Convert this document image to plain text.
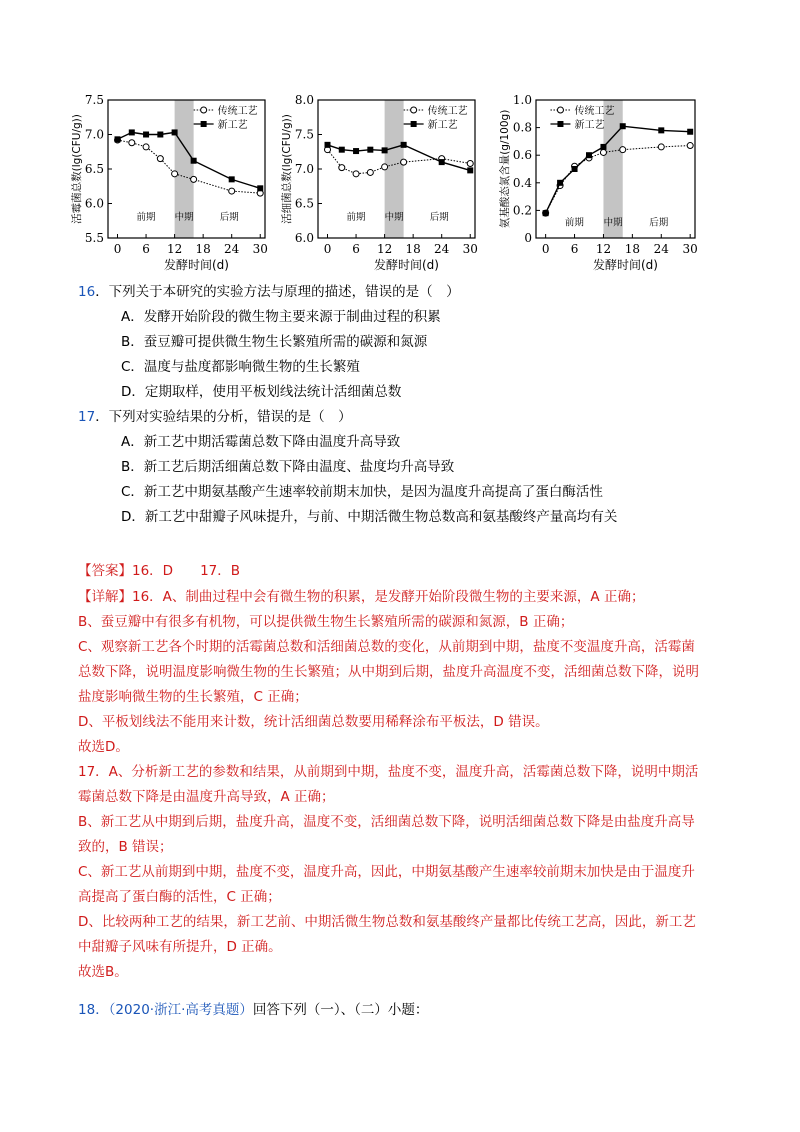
5.5
6.0
6.5
7.0
7.5
0 6 12 18 24 30
发酵时间(d)
活霉菌总数(lg(CFU/g))	前期 中期	后期
传统工艺
新工艺
6.0
6.5
7.0
7.5
8.0
0 6 12 18 24 30
发酵时间(d)
活细菌总数(lg(CFU/g))	前期 中期	后期
传统工艺
新工艺
0
0.2
0.4
0.6
0.8
1.0
0 6 12 18 24 30
发酵时间(d)
氨基酸态氮含量(g/100g)	前期 中期	后期
传统工艺
新工艺
16．下列关于本研究的实验方法与原理的描述，错误的是（　）
A．发酵开始阶段的微生物主要来源于制曲过程的积累
B．蚕豆瓣可提供微生物生长繁殖所需的碳源和氮源
C．温度与盐度都影响微生物的生长繁殖
D．定期取样，使用平板划线法统计活细菌总数
17．下列对实验结果的分析，错误的是（　）
A．新工艺中期活霉菌总数下降由温度升高导致
B．新工艺后期活细菌总数下降由温度、盐度均升高导致
C．新工艺中期氨基酸产生速率较前期末加快，是因为温度升高提高了蛋白酶活性
D．新工艺中甜瓣子风味提升，与前、中期活微生物总数高和氨基酸终产量高均有关
【答案】16．D　　17．B
【详解】16．A、制曲过程中会有微生物的积累，是发酵开始阶段微生物的主要来源，A 正确；
B、蚕豆瓣中有很多有机物，可以提供微生物生长繁殖所需的碳源和氮源，B 正确；
C、观察新工艺各个时期的活霉菌总数和活细菌总数的变化，从前期到中期，盐度不变温度升高，活霉菌
总数下降，说明温度影响微生物的生长繁殖；从中期到后期，盐度升高温度不变，活细菌总数下降，说明
盐度影响微生物的生长繁殖，C 正确；
D、平板划线法不能用来计数，统计活细菌总数要用稀释涂布平板法，D 错误。
故选D。
17．A、分析新工艺的参数和结果，从前期到中期，盐度不变，温度升高，活霉菌总数下降，说明中期活
霉菌总数下降是由温度升高导致，A 正确；
B、新工艺从中期到后期，盐度升高，温度不变，活细菌总数下降，说明活细菌总数下降是由盐度升高导
致的，B 错误；
C、新工艺从前期到中期，盐度不变，温度升高，因此，中期氨基酸产生速率较前期末加快是由于温度升
高提高了蛋白酶的活性，C 正确；
D、比较两种工艺的结果，新工艺前、中期活微生物总数和氨基酸终产量都比传统工艺高，因此，新工艺
中甜瓣子风味有所提升，D 正确。
故选B。
18．（2020·浙江·高考真题）回答下列（一）、（二）小题：
